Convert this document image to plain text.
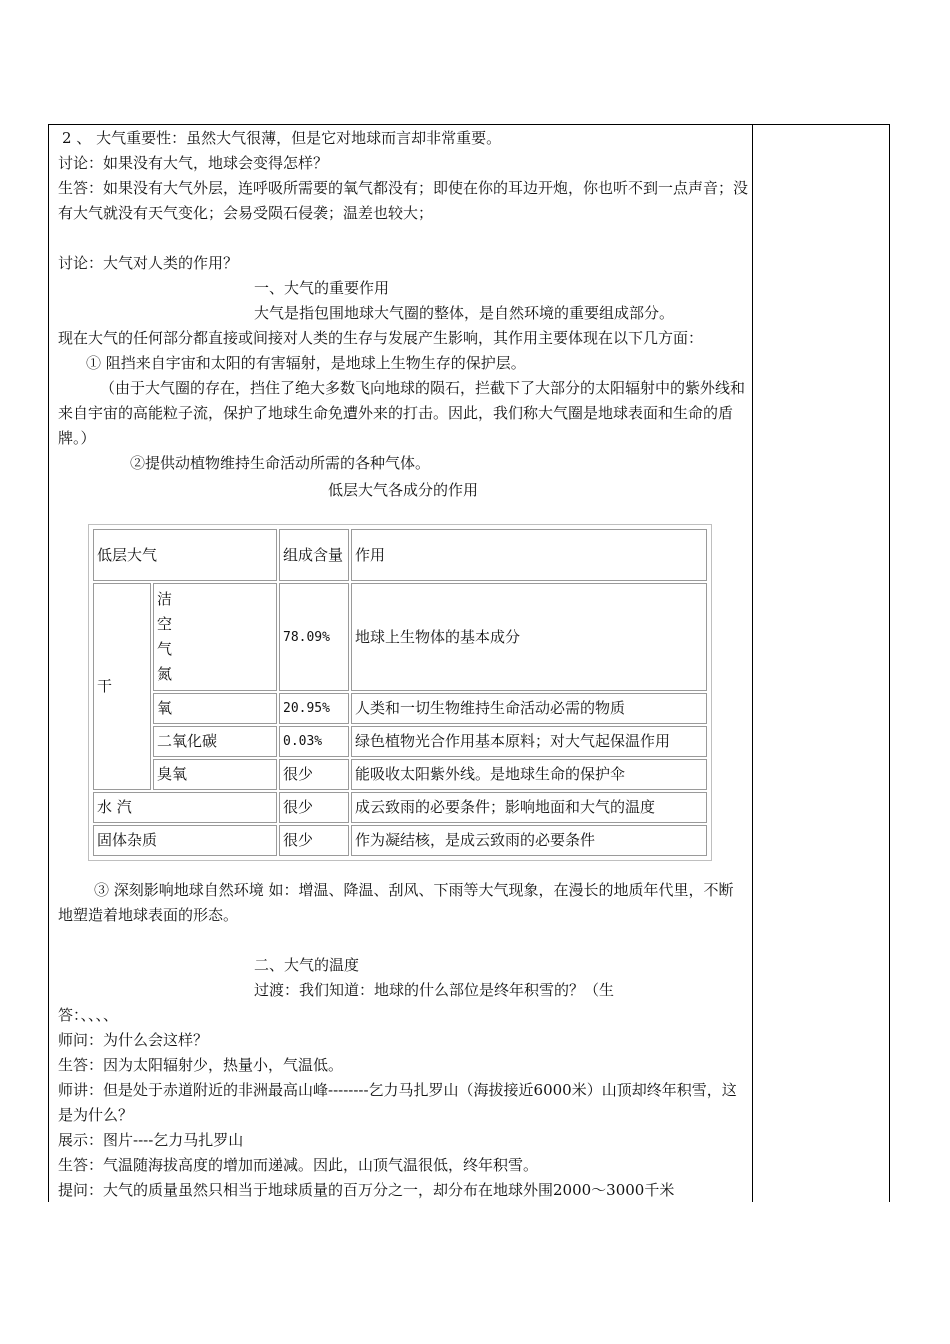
2 、 大气重要性：虽然大气很薄，但是它对地球而言却非常重要。

讨论：如果没有大气，地球会变得怎样？

生答：如果没有大气外层，连呼吸所需要的氧气都没有；即使在你的耳边开炮，你也听不到一点声音；没有大气就没有天气变化；会易受陨石侵袭；温差也较大；

讨论：大气对人类的作用？

一、大气的重要作用

大气是指包围地球大气圈的整体，是自然环境的重要组成部分。

现在大气的任何部分都直接或间接对人类的生存与发展产生影响，其作用主要体现在以下几方面：

① 阻挡来自宇宙和太阳的有害辐射，是地球上生物生存的保护层。

（由于大气圈的存在，挡住了绝大多数飞向地球的陨石，拦截下了大部分的太阳辐射中的紫外线和来自宇宙的高能粒子流，保护了地球生命免遭外来的打击。因此，我们称大气圈是地球表面和生命的盾牌。）

②提供动植物维持生命活动所需的各种气体。

低层大气各成分的作用

低层大气		组成含量	作用
干	洁
空
气
氮	78.09%	地球上生物体的基本成分
	氧	20.95%	人类和一切生物维持生命活动必需的物质
	二氧化碳	0.03%	绿色植物光合作用基本原料；对大气起保温作用
	臭氧	很少	能吸收太阳紫外线。是地球生命的保护伞
水 汽		很少	成云致雨的必要条件；影响地面和大气的温度
固体杂质		很少	作为凝结核，是成云致雨的必要条件

③ 深刻影响地球自然环境 如：增温、降温、刮风、下雨等大气现象，在漫长的地质年代里，不断地塑造着地球表面的形态。

二、大气的温度

过渡：我们知道：地球的什么部位是终年积雪的？（生

答：、、、、

师问：为什么会这样？

生答：因为太阳辐射少，热量小，气温低。

师讲：但是处于赤道附近的非洲最高山峰--------乞力马扎罗山（海拔接近6000米）山顶却终年积雪，这是为什么？

展示：图片----乞力马扎罗山

生答：气温随海拔高度的增加而递减。因此，山顶气温很低，终年积雪。

提问：大气的质量虽然只相当于地球质量的百万分之一，却分布在地球外围2000～3000千米
